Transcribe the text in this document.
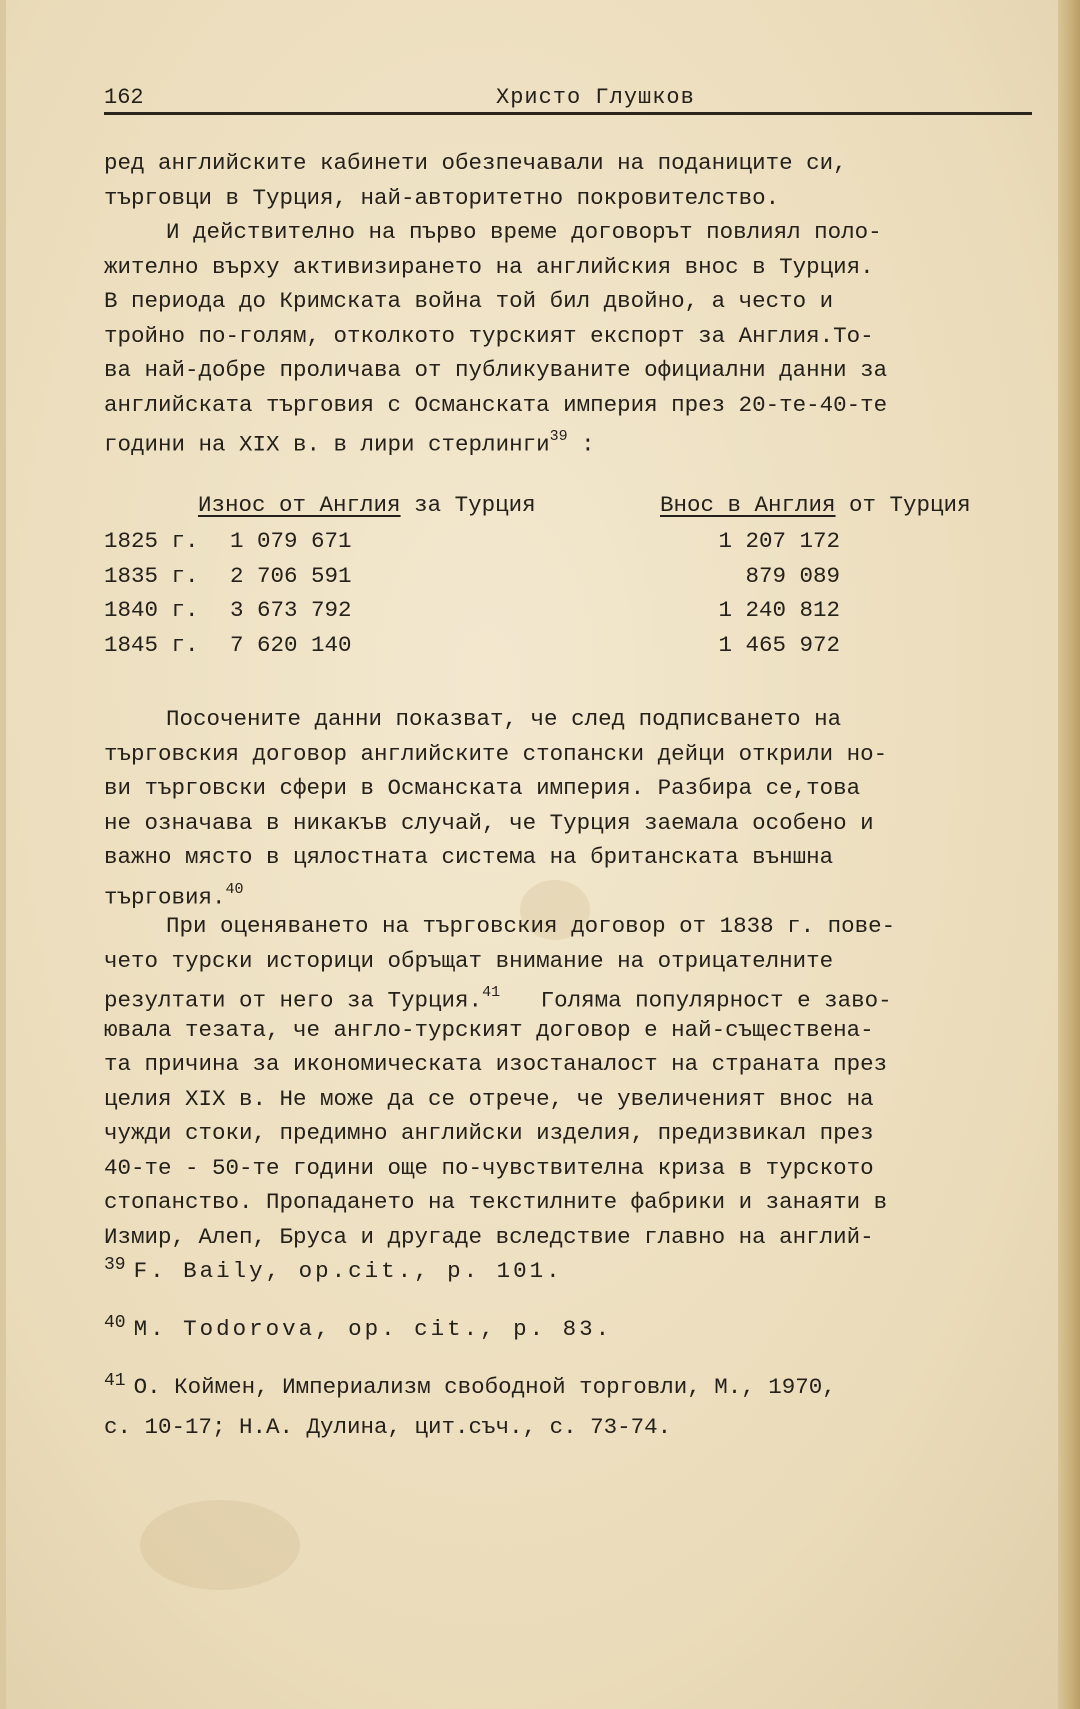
162	Христо Глушков
ред английските кабинети обезпечавали на поданиците си,
търговци в Турция, най-авторитетно покровителство.
И действително на първо време договорът повлиял поло-
жително върху активизирането на английския внос в Турция.
В периода до Кримската война той бил двойно, а често и
тройно по-голям, отколкото турският експорт за Англия.То-
ва най-добре проличава от публикуваните официални данни за
английската търговия с Османската империя през 20-те-40-те
години на XIX в. в лири стерлинги$^{39}$ :
Износ от Англия за Турция	Внос в Англия от Турция
1825 г. 1 079 671	1 207 172
1835 г. 2 706 591	879 089
1840 г. 3 673 792	1 240 812
1845 г. 7 620 140	1 465 972
Посочените данни показват, че след подписването на
търговския договор английските стопански дейци открили но-
ви търговски сфери в Османската империя. Разбира се,това
не означава в никакъв случай, че Турция заемала особено и
важно място в цялостната система на британската външна
търговия.$^{40}$
При оценяването на търговския договор от 1838 г. пове-
чето турски историци обръщат внимание на отрицателните
резултати от него за Турция.$^{41}$ Голяма популярност е заво-
ювала тезата, че англо-турският договор е най-съществена-
та причина за икономическата изостаналост на страната през
целия XIX в. Не може да се отрече, че увеличеният внос на
чужди стоки, предимно английски изделия, предизвикал през
40-те - 50-те години още по-чувствителна криза в турското
стопанство. Пропадането на текстилните фабрики и занаяти в
Измир, Алеп, Бруса и другаде вследствие главно на англий-
$^{39}$ F. Baily, op.cit., p. 101.
$^{40}$ M. Todorova, op. cit., p. 83.
$^{41}$ О. Коймен, Империализм свободной торговли, М., 1970,
с. 10-17; Н.А. Дулина, цит.съч., с. 73-74.
